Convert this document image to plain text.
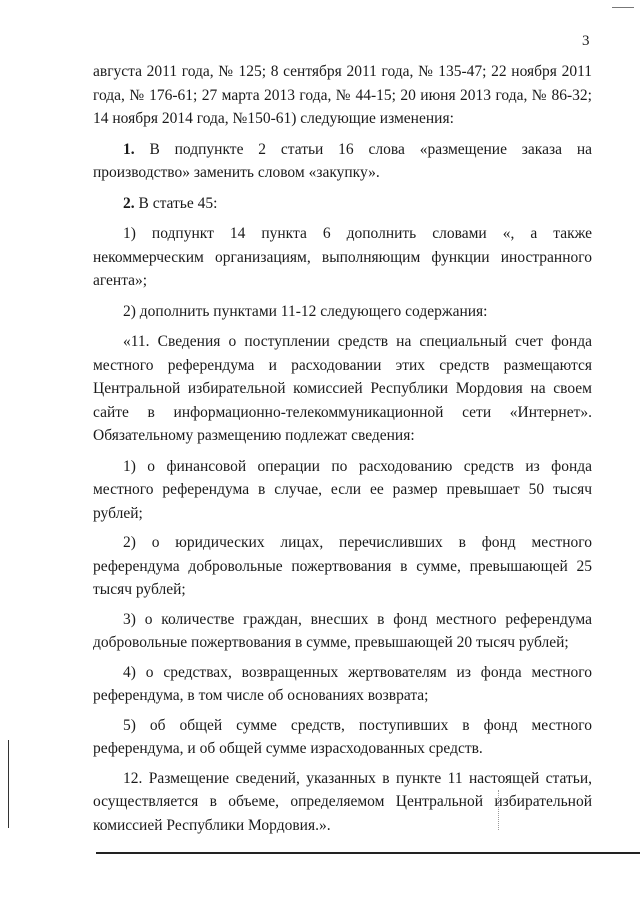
3

августа 2011 года, № 125; 8 сентября 2011 года, № 135-47; 22 ноября 2011 года, № 176-61; 27 марта 2013 года, № 44-15; 20 июня 2013 года, № 86-32; 14 ноября 2014 года, №150-61) следующие изменения:

1. В подпункте 2 статьи 16 слова «размещение заказа на производство» заменить словом «закупку».

2. В статье 45:

1) подпункт 14 пункта 6 дополнить словами «, а также некоммерческим организациям, выполняющим функции иностранного агента»;

2) дополнить пунктами 11-12 следующего содержания:

«11. Сведения о поступлении средств на специальный счет фонда местного референдума и расходовании этих средств размещаются Центральной избирательной комиссией Республики Мордовия на своем сайте в информационно-телекоммуникационной сети «Интернет». Обязательному размещению подлежат сведения:

1) о финансовой операции по расходованию средств из фонда местного референдума в случае, если ее размер превышает 50 тысяч рублей;

2) о юридических лицах, перечисливших в фонд местного референдума добровольные пожертвования в сумме, превышающей 25 тысяч рублей;

3) о количестве граждан, внесших в фонд местного референдума добровольные пожертвования в сумме, превышающей 20 тысяч рублей;

4) о средствах, возвращенных жертвователям из фонда местного референдума, в том числе об основаниях возврата;

5) об общей сумме средств, поступивших в фонд местного референдума, и об общей сумме израсходованных средств.

12. Размещение сведений, указанных в пункте 11 настоящей статьи, осуществляется в объеме, определяемом Центральной избирательной комиссией Республики Мордовия.».
